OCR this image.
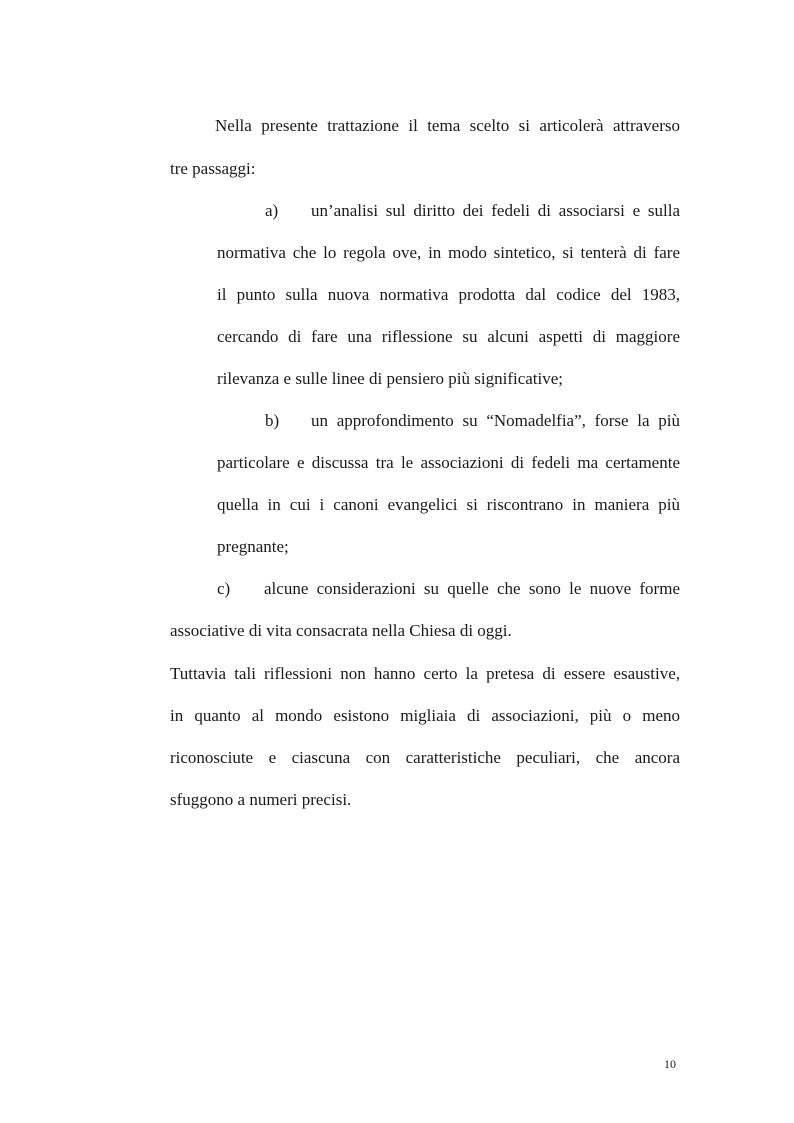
Nella presente trattazione il tema scelto si articolerà attraverso
tre passaggi:
a) un’analisi sul diritto dei fedeli di associarsi e sulla
normativa che lo regola ove, in modo sintetico, si tenterà di fare
il punto sulla nuova normativa prodotta dal codice del 1983,
cercando di fare una riflessione su alcuni aspetti di maggiore
rilevanza e sulle linee di pensiero più significative;
b) un approfondimento su “Nomadelfia”, forse la più
particolare e discussa tra le associazioni di fedeli ma certamente
quella in cui i canoni evangelici si riscontrano in maniera più
pregnante;
c) alcune considerazioni su quelle che sono le nuove forme
associative di vita consacrata nella Chiesa di oggi.
Tuttavia tali riflessioni non hanno certo la pretesa di essere esaustive,
in quanto al mondo esistono migliaia di associazioni, più o meno
riconosciute e ciascuna con caratteristiche peculiari, che ancora
sfuggono a numeri precisi.
10
